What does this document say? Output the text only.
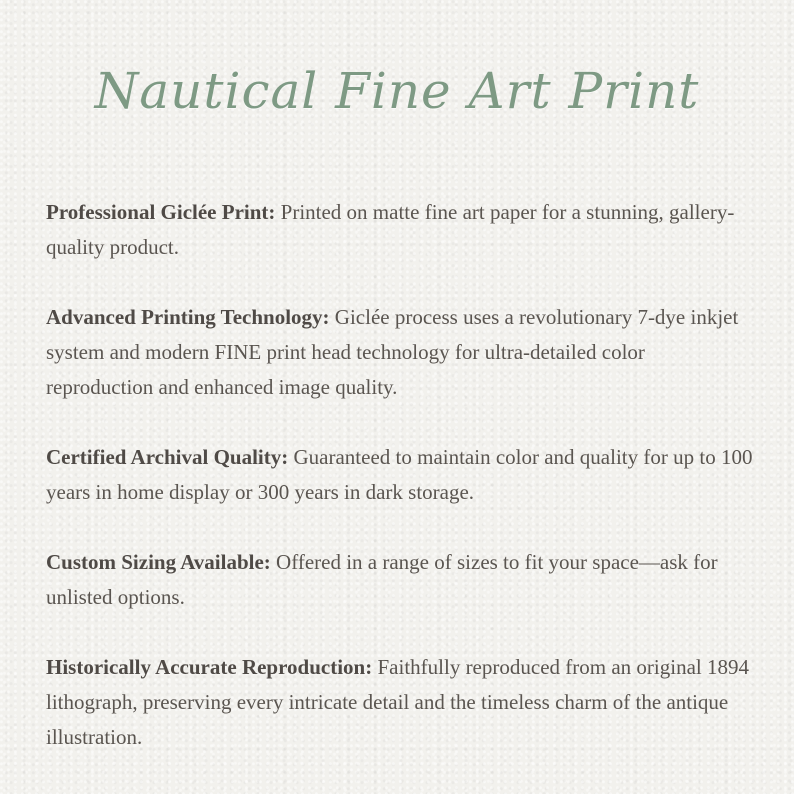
Nautical Fine Art Print

Professional Giclée Print: Printed on matte fine art paper for a stunning, gallery-quality product.

Advanced Printing Technology: Giclée process uses a revolutionary 7-dye inkjet system and modern FINE print head technology for ultra-detailed color reproduction and enhanced image quality.

Certified Archival Quality: Guaranteed to maintain color and quality for up to 100 years in home display or 300 years in dark storage.

Custom Sizing Available: Offered in a range of sizes to fit your space—ask for unlisted options.

Historically Accurate Reproduction: Faithfully reproduced from an original 1894 lithograph, preserving every intricate detail and the timeless charm of the antique illustration.
